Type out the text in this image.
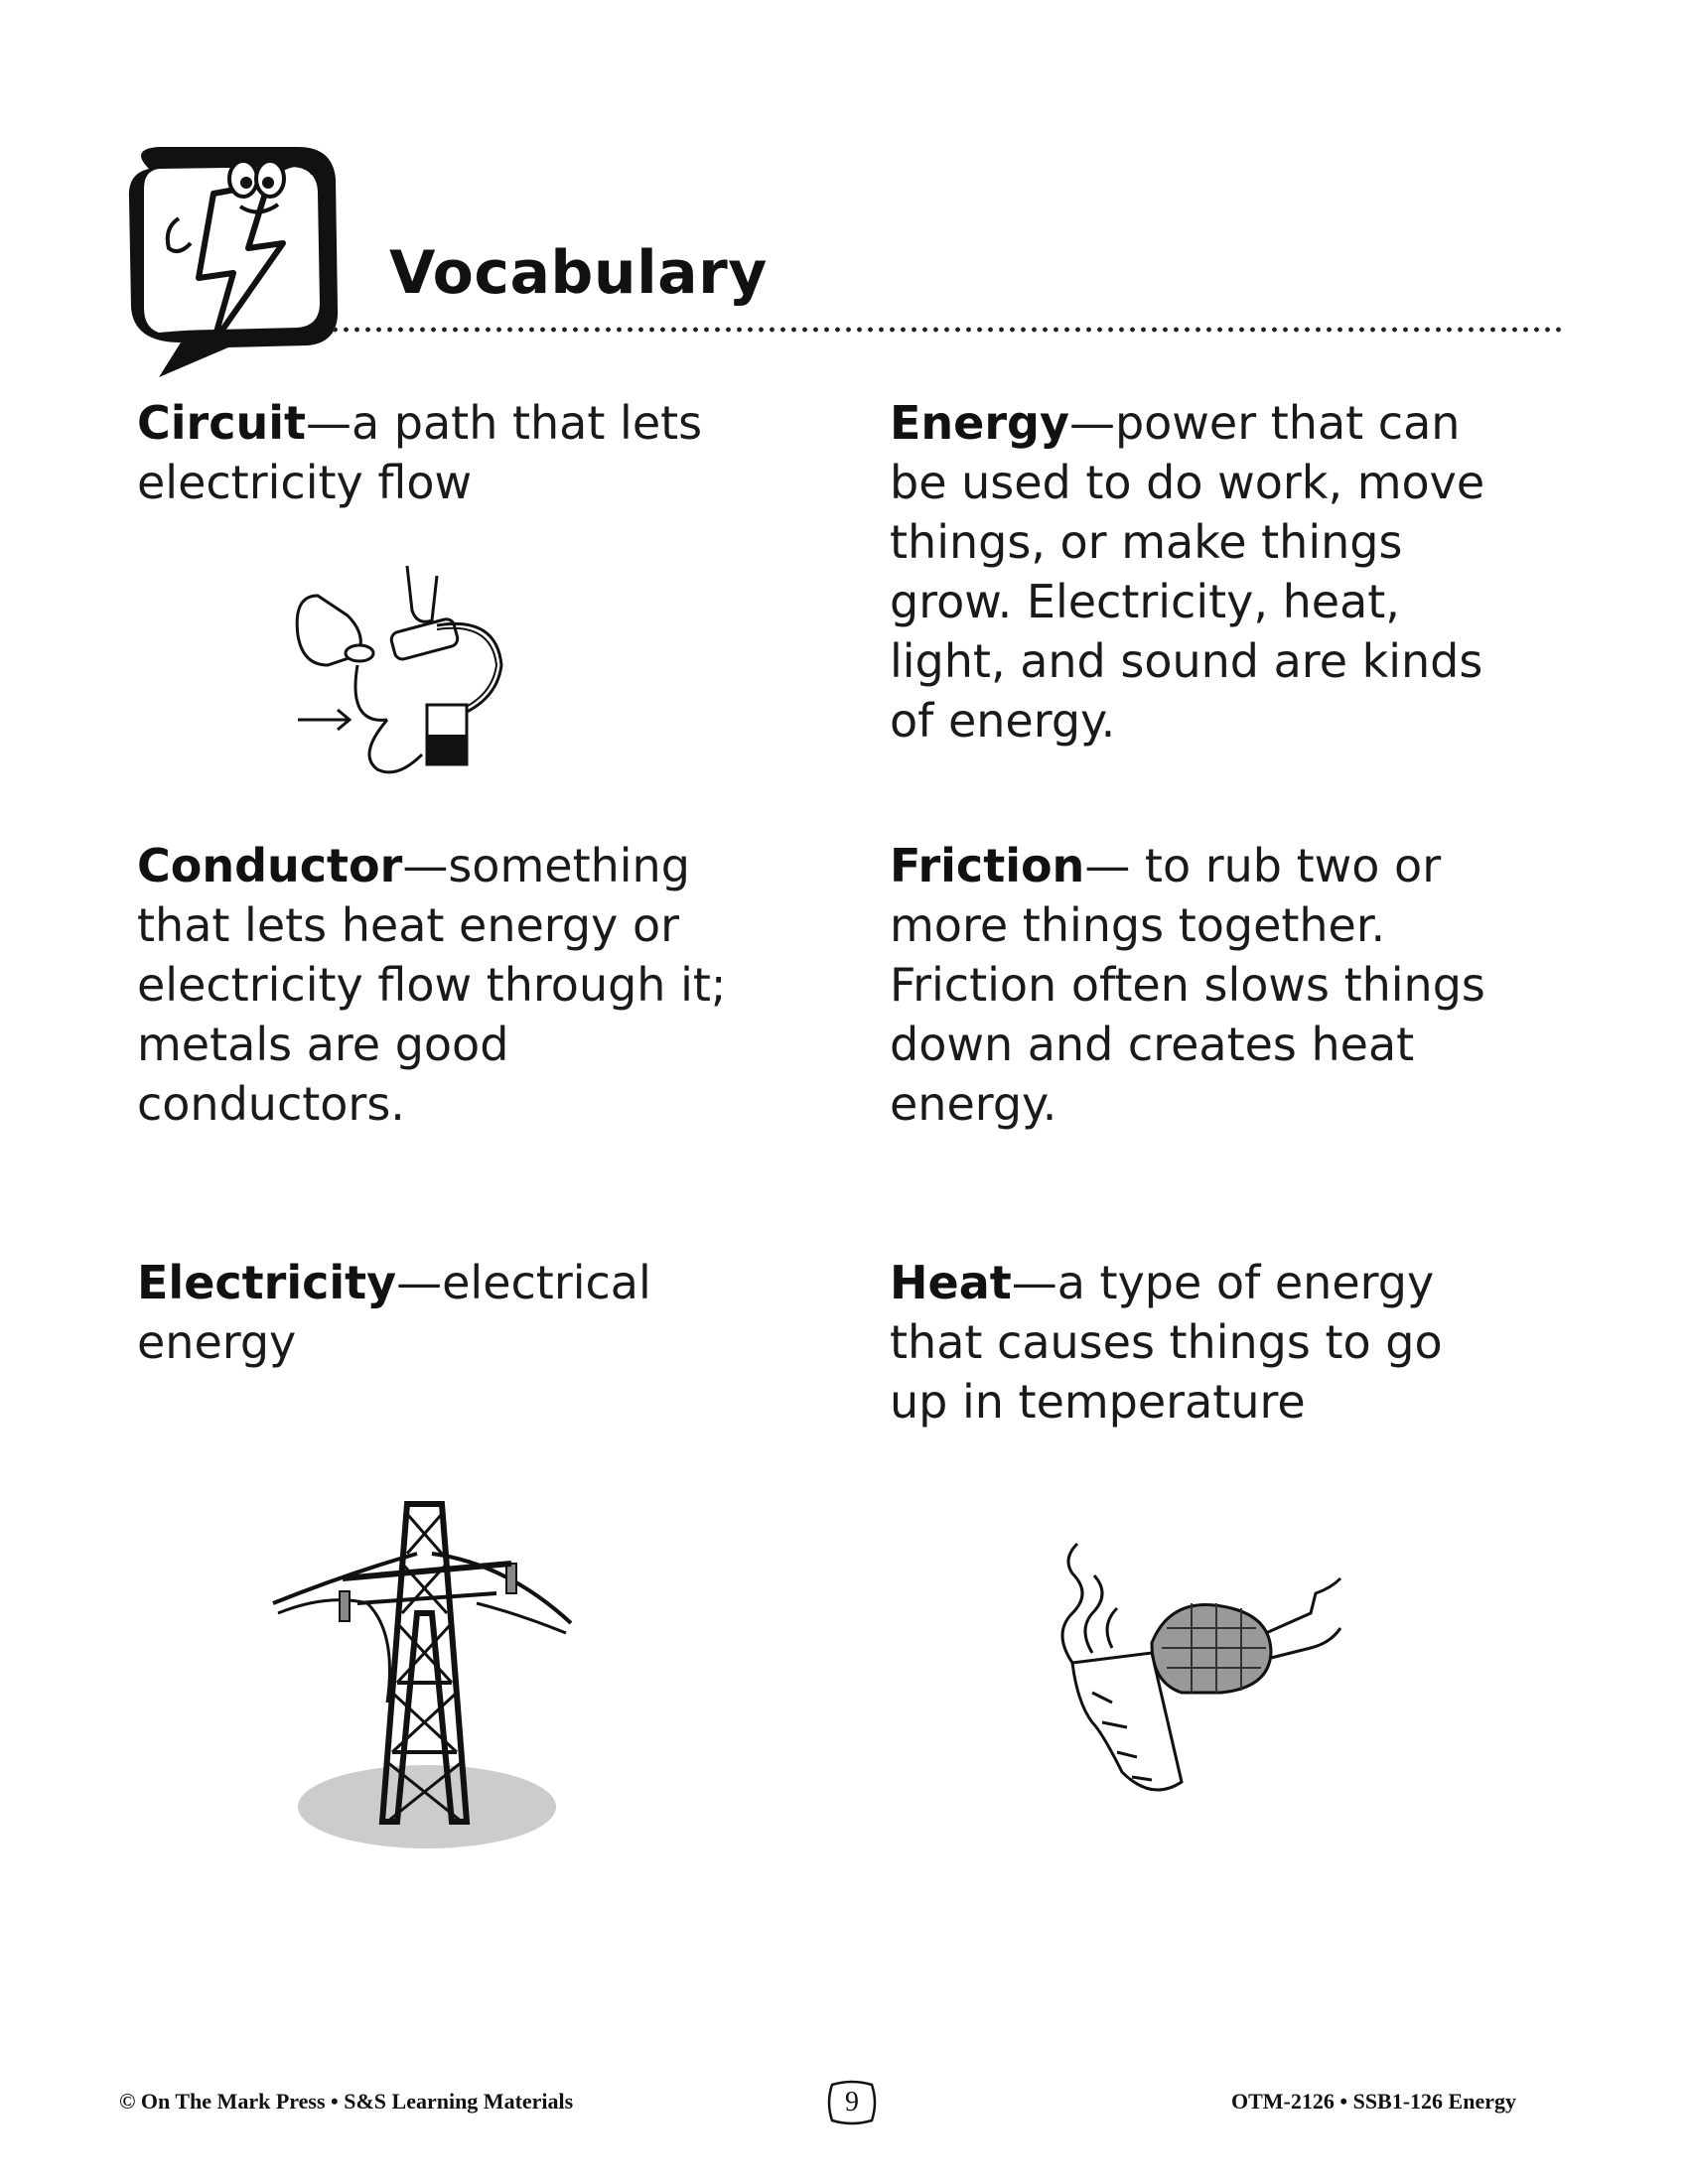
Vocabulary

Circuit—a path that lets electricity flow

Conductor—something that lets heat energy or electricity flow through it; metals are good conductors.

Electricity—electrical energy

Energy—power that can be used to do work, move things, or make things grow. Electricity, heat, light, and sound are kinds of energy.

Friction— to rub two or more things together. Friction often slows things down and creates heat energy.

Heat—a type of energy that causes things to go up in temperature

© On The Mark Press • S&S Learning Materials	9	OTM-2126 • SSB1-126 Energy
